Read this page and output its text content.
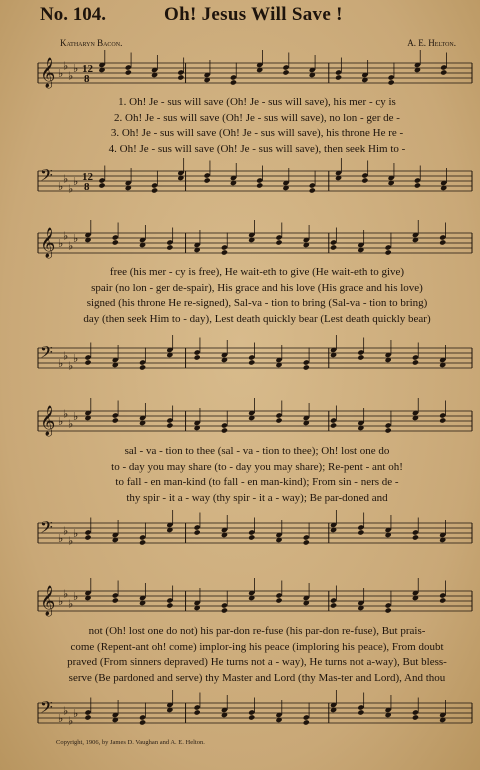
No. 104.	Oh! Jesus Will Save !
Katharyn Bacon.	A. E. Helton.
𝄞 ♭
♭
♭
♭ 12
8
1. Oh! Je - sus will save (Oh! Je - sus will save), his mer - cy is
2. Oh! Je - sus will save (Oh! Je - sus will save), no lon - ger de -
3. Oh! Je - sus will save (Oh! Je - sus will save), his throne He re -
4. Oh! Je - sus will save (Oh! Je - sus will save), then seek Him to -
𝄢 ♭
♭
♭
♭ 12
8
𝄞 ♭
♭
♭
♭
free (his mer - cy is free), He wait-eth to give (He wait-eth to give)
spair (no lon - ger de-spair), His grace and his love (His grace and his love)
signed (his throne He re-signed), Sal-va - tion to bring (Sal-va - tion to bring)
day (then seek Him to - day), Lest death quickly bear (Lest death quickly bear)
𝄢 ♭
♭
♭
♭
𝄞 ♭
♭
♭
♭
sal - va - tion to thee (sal - va - tion to thee); Oh! lost one do
to - day you may share (to - day you may share); Re-pent - ant oh!
to fall - en man-kind (to fall - en man-kind); From sin - ners de -
thy spir - it a - way (thy spir - it a - way); Be par-doned and
𝄢 ♭
♭
♭
♭
𝄞 ♭
♭
♭
♭
not (Oh! lost one do not) his par-don re-fuse (his par-don re-fuse), But prais-
come (Repent-ant oh! come) implor-ing his peace (imploring his peace), From doubt
praved (From sinners depraved) He turns not a - way), He turns not a-way), But bless-
serve (Be pardoned and serve) thy Master and Lord (thy Mas-ter and Lord), And thou
𝄢 ♭
♭
♭
♭
Copyright, 1906, by James D. Vaughan and A. E. Helton.
